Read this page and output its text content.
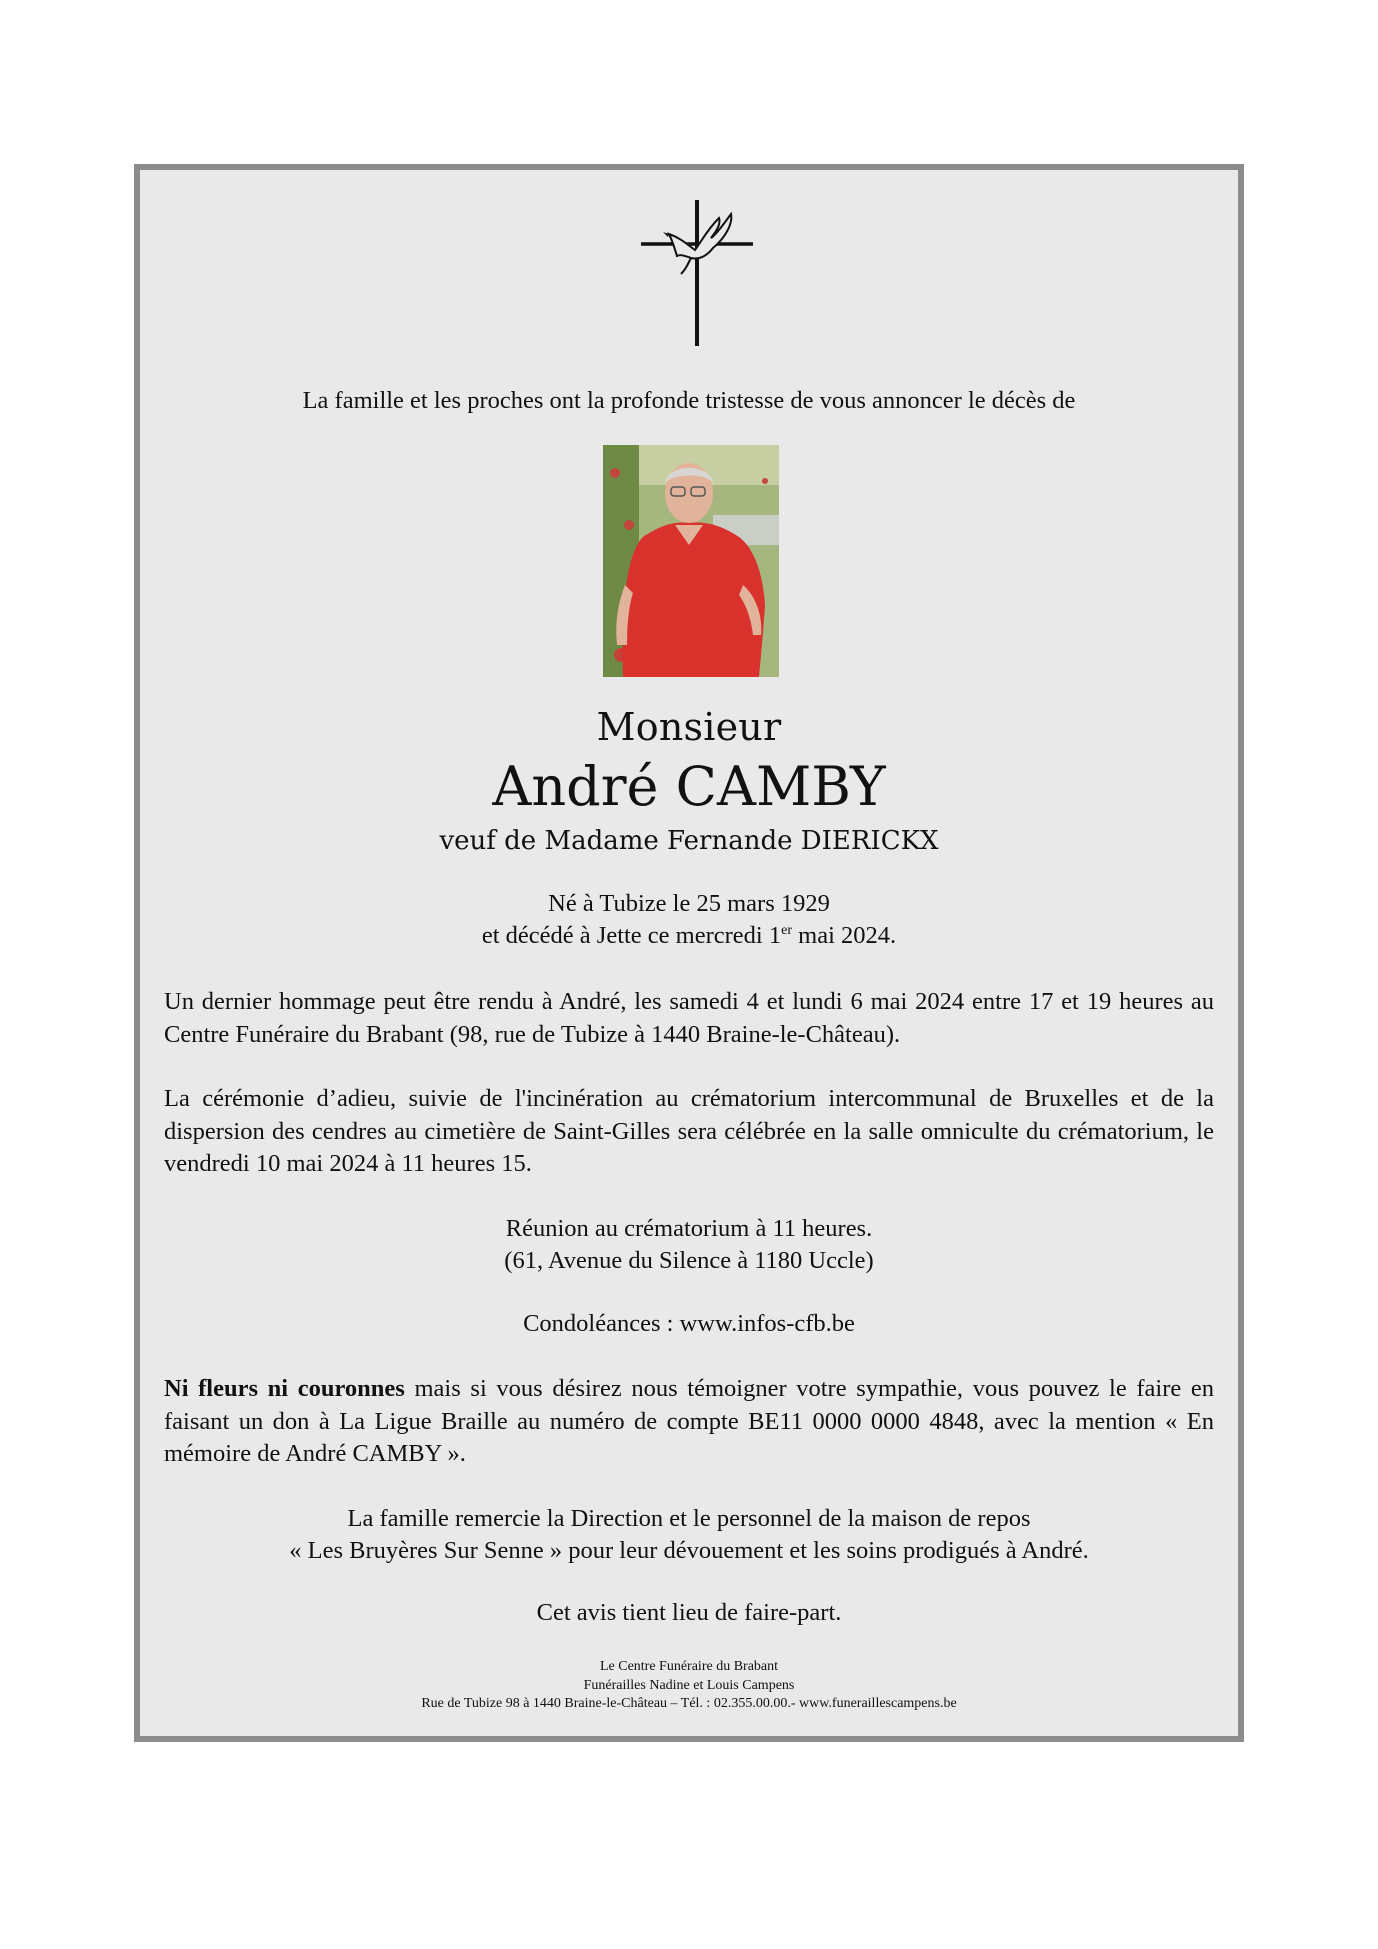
La famille et les proches ont la profonde tristesse de vous annoncer le décès de
Monsieur
André CAMBY
veuf de Madame Fernande DIERICKX
Né à Tubize le 25 mars 1929
et décédé à Jette ce mercredi 1er mai 2024.
Un dernier hommage peut être rendu à André, les samedi 4 et lundi 6 mai 2024 entre 17 et 19 heures au Centre Funéraire du Brabant (98, rue de Tubize à 1440 Braine-le-Château).
La cérémonie d’adieu, suivie de l'incinération au crématorium intercommunal de Bruxelles et de la dispersion des cendres au cimetière de Saint-Gilles sera célébrée en la salle omniculte du crématorium, le vendredi 10 mai 2024 à 11 heures 15.
Réunion au crématorium à 11 heures.
(61, Avenue du Silence à 1180 Uccle)
Condoléances : www.infos-cfb.be
Ni fleurs ni couronnes mais si vous désirez nous témoigner votre sympathie, vous pouvez le faire en faisant un don à La Ligue Braille au numéro de compte BE11 0000 0000 4848, avec la mention « En mémoire de André CAMBY ».
La famille remercie la Direction et le personnel de la maison de repos
« Les Bruyères Sur Senne » pour leur dévouement et les soins prodigués à André.
Cet avis tient lieu de faire-part.
Le Centre Funéraire du Brabant
Funérailles Nadine et Louis Campens
Rue de Tubize 98 à 1440 Braine-le-Château – Tél. : 02.355.00.00.- www.funeraillescampens.be
